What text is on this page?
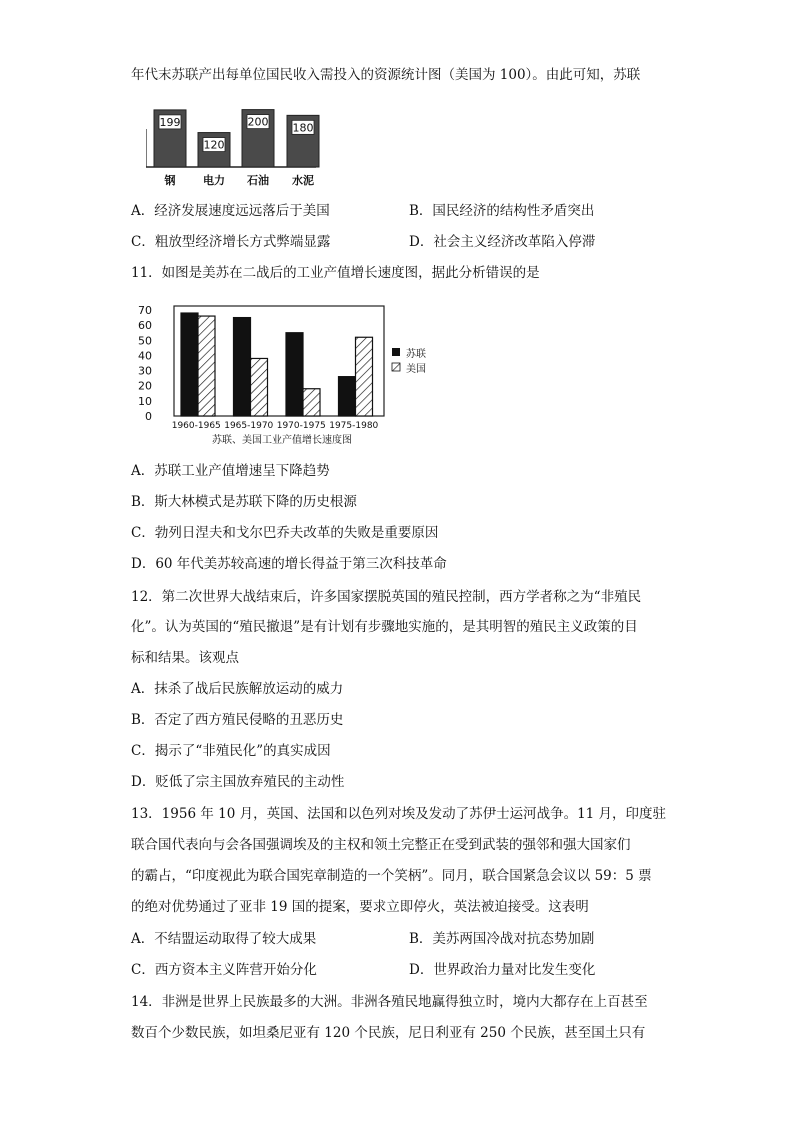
年代末苏联产出每单位国民收入需投入的资源统计图（美国为 100）。由此可知，苏联
199
钢
120
电力
200
石油
180
水泥
A．经济发展速度远远落后于美国	B．国民经济的结构性矛盾突出
C．粗放型经济增长方式弊端显露	D．社会主义经济改革陷入停滞
11．如图是美苏在二战后的工业产值增长速度图，据此分析错误的是
0
10
20
30
40
50
60
70
1960-1965 1965-1970 1970-1975 1975-1980
苏联、美国工业产值增长速度图
苏联
美国
A．苏联工业产值增速呈下降趋势
B．斯大林模式是苏联下降的历史根源
C．勃列日涅夫和戈尔巴乔夫改革的失败是重要原因
D．60 年代美苏较高速的增长得益于第三次科技革命
12．第二次世界大战结束后，许多国家摆脱英国的殖民控制，西方学者称之为“非殖民
化”。认为英国的“殖民撤退”是有计划有步骤地实施的，是其明智的殖民主义政策的目
标和结果。该观点
A．抹杀了战后民族解放运动的威力
B．否定了西方殖民侵略的丑恶历史
C．揭示了“非殖民化”的真实成因
D．贬低了宗主国放弃殖民的主动性
13．1956 年 10 月，英国、法国和以色列对埃及发动了苏伊士运河战争。11 月，印度驻
联合国代表向与会各国强调埃及的主权和领土完整正在受到武装的强邻和强大国家们
的霸占，“印度视此为联合国宪章制造的一个笑柄”。同月，联合国紧急会议以 59：5 票
的绝对优势通过了亚非 19 国的提案，要求立即停火，英法被迫接受。这表明
A．不结盟运动取得了较大成果	B．美苏两国冷战对抗态势加剧
C．西方资本主义阵营开始分化	D．世界政治力量对比发生变化
14．非洲是世界上民族最多的大洲。非洲各殖民地赢得独立时，境内大都存在上百甚至
数百个少数民族，如坦桑尼亚有 120 个民族，尼日利亚有 250 个民族，甚至国土只有
